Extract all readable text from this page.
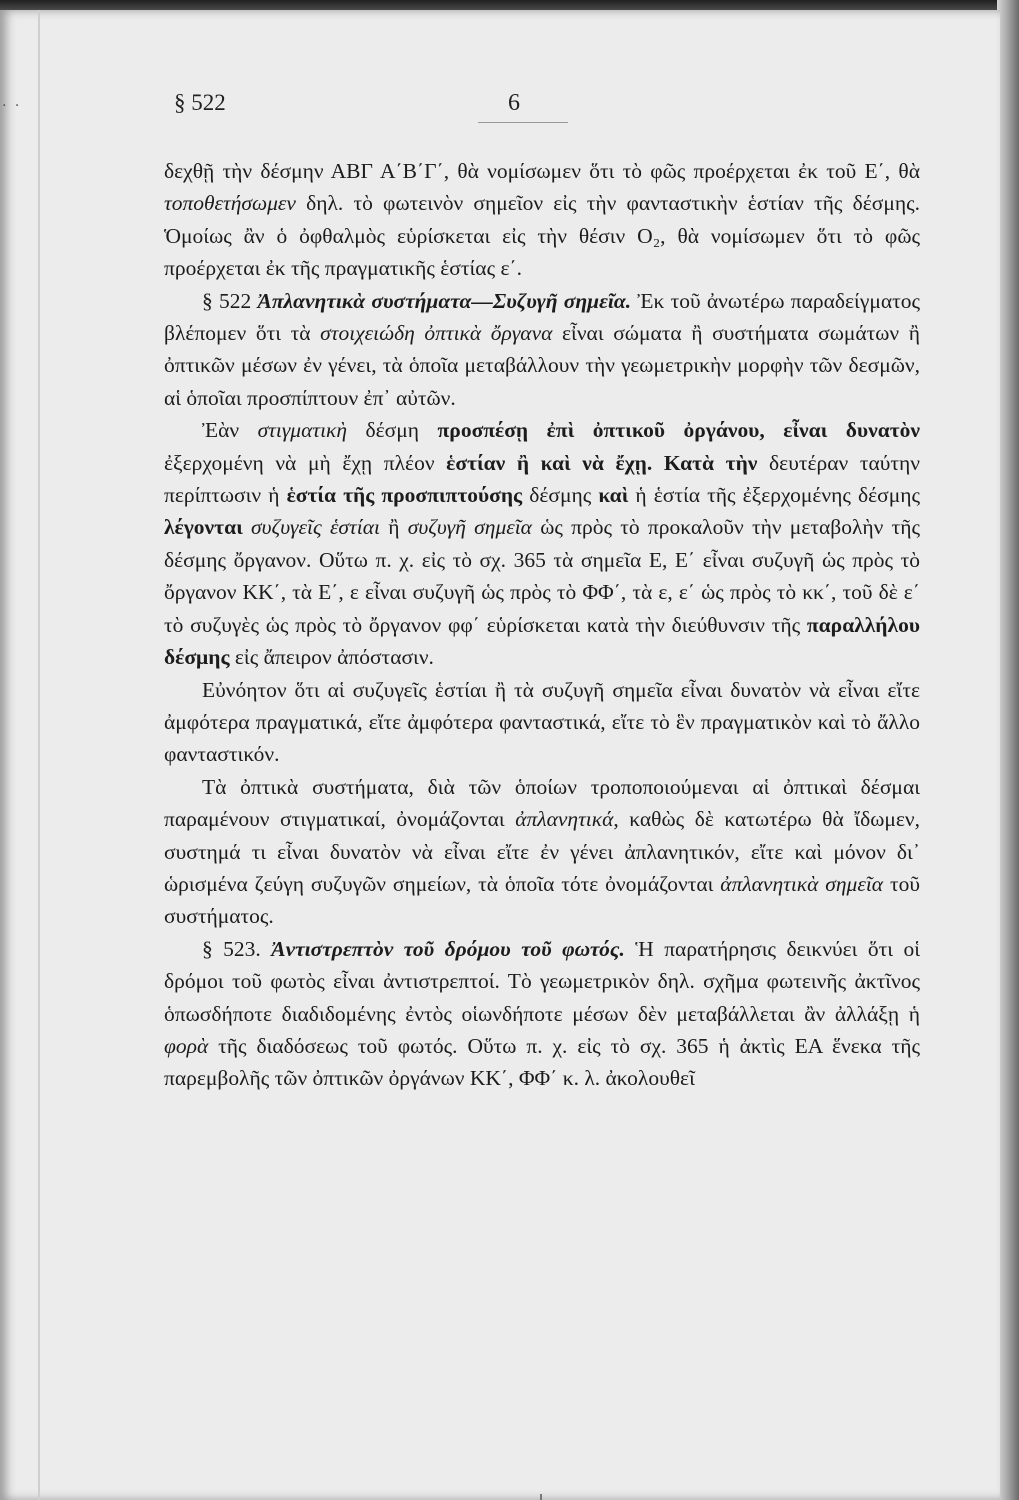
· ·	§ 522	6

δεχθῇ τὴν δέσμην ΑΒΓ Α΄Β΄Γ΄, θὰ νομίσωμεν ὅτι τὸ φῶς προέρχεται ἐκ τοῦ Ε΄, θὰ τοποθετήσωμεν δηλ. τὸ φωτεινὸν σημεῖον εἰς τὴν φανταστικὴν ἑστίαν τῆς δέσμης. Ὁμοίως ἂν ὁ ὀφθαλμὸς εὑρίσκεται εἰς τὴν θέσιν Ο₂, θὰ νομίσωμεν ὅτι τὸ φῶς προέρχεται ἐκ τῆς πραγματικῆς ἑστίας ε΄.

§ 522 Ἀπλανητικὰ συστήματα—Συζυγῆ σημεῖα. Ἐκ τοῦ ἀνωτέρω παραδείγματος βλέπομεν ὅτι τὰ στοιχειώδη ὀπτικὰ ὄργανα εἶναι σώματα ἢ συστήματα σωμάτων ἢ ὀπτικῶν μέσων ἐν γένει, τὰ ὁποῖα μεταβάλλουν τὴν γεωμετρικὴν μορφὴν τῶν δεσμῶν, αἱ ὁποῖαι προσπίπτουν ἐπ᾽ αὐτῶν.

Ἐὰν στιγματικὴ δέσμη προσπέσῃ ἐπὶ ὀπτικοῦ ὀργάνου, εἶναι δυνατὸν ἐξερχομένη νὰ μὴ ἔχῃ πλέον ἑστίαν ἢ καὶ νὰ ἔχῃ. Κατὰ τὴν δευτέραν ταύτην περίπτωσιν ἡ ἑστία τῆς προσπιπτούσης δέσμης καὶ ἡ ἑστία τῆς ἐξερχομένης δέσμης λέγονται συζυγεῖς ἑστίαι ἢ συζυγῆ σημεῖα ὡς πρὸς τὸ προκαλοῦν τὴν μεταβολὴν τῆς δέσμης ὄργανον. Οὕτω π. χ. εἰς τὸ σχ. 365 τὰ σημεῖα Ε, Ε΄ εἶναι συζυγῆ ὡς πρὸς τὸ ὄργανον ΚΚ΄, τὰ Ε΄, ε εἶναι συζυγῆ ὡς πρὸς τὸ ΦΦ΄, τὰ ε, ε΄ ὡς πρὸς τὸ κκ΄, τοῦ δὲ ε΄ τὸ συζυγὲς ὡς πρὸς τὸ ὄργανον φφ΄ εὑρίσκεται κατὰ τὴν διεύθυνσιν τῆς παραλλήλου δέσμης εἰς ἄπειρον ἀπόστασιν.

Εὐνόητον ὅτι αἱ συζυγεῖς ἑστίαι ἢ τὰ συζυγῆ σημεῖα εἶναι δυνατὸν νὰ εἶναι εἴτε ἀμφότερα πραγματικά, εἴτε ἀμφότερα φανταστικά, εἴτε τὸ ἓν πραγματικὸν καὶ τὸ ἄλλο φανταστικόν.

Τὰ ὀπτικὰ συστήματα, διὰ τῶν ὁποίων τροποποιούμεναι αἱ ὀπτικαὶ δέσμαι παραμένουν στιγματικαί, ὀνομάζονται ἀπλανητικά, καθὼς δὲ κατωτέρω θὰ ἴδωμεν, συστημά τι εἶναι δυνατὸν νὰ εἶναι εἴτε ἐν γένει ἀπλανητικόν, εἴτε καὶ μόνον δι᾽ ὡρισμένα ζεύγη συζυγῶν σημείων, τὰ ὁποῖα τότε ὀνομάζονται ἀπλανητικὰ σημεῖα τοῦ συστήματος.

§ 523. Ἀντιστρεπτὸν τοῦ δρόμου τοῦ φωτός. Ἡ παρατήρησις δεικνύει ὅτι οἱ δρόμοι τοῦ φωτὸς εἶναι ἀντιστρεπτοί. Τὸ γεωμετρικὸν δηλ. σχῆμα φωτεινῆς ἀκτῖνος ὁπωσδήποτε διαδιδομένης ἐντὸς οἱωνδήποτε μέσων δὲν μεταβάλλεται ἂν ἀλλάξῃ ἡ φορὰ τῆς διαδόσεως τοῦ φωτός. Οὕτω π. χ. εἰς τὸ σχ. 365 ἡ ἀκτὶς ΕΑ ἕνεκα τῆς παρεμβολῆς τῶν ὀπτικῶν ὀργάνων ΚΚ΄, ΦΦ΄ κ. λ. ἀκολουθεῖ
